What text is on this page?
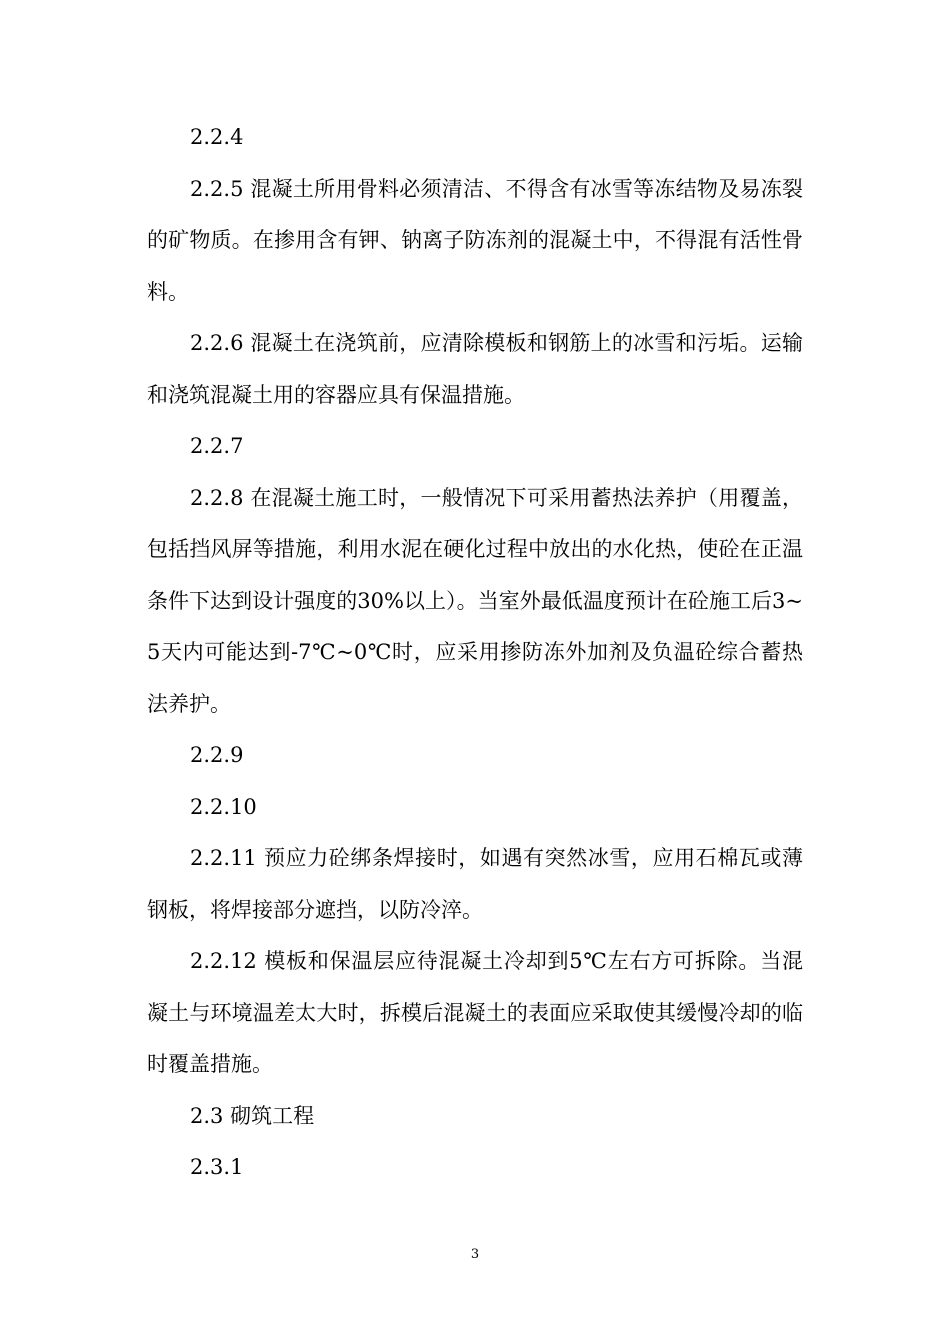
2.2.4

2.2.5 混凝土所用骨料必须清洁、不得含有冰雪等冻结物及易冻裂的矿物质。在掺用含有钾、钠离子防冻剂的混凝土中，不得混有活性骨料。

2.2.6 混凝土在浇筑前，应清除模板和钢筋上的冰雪和污垢。运输和浇筑混凝土用的容器应具有保温措施。

2.2.7

2.2.8 在混凝土施工时，一般情况下可采用蓄热法养护（用覆盖，包括挡风屏等措施，利用水泥在硬化过程中放出的水化热，使砼在正温条件下达到设计强度的30%以上）。当室外最低温度预计在砼施工后3~5天内可能达到-7℃~0℃时，应采用掺防冻外加剂及负温砼综合蓄热法养护。

2.2.9

2.2.10

2.2.11 预应力砼绑条焊接时，如遇有突然冰雪，应用石棉瓦或薄钢板，将焊接部分遮挡，以防冷淬。

2.2.12 模板和保温层应待混凝土冷却到5℃左右方可拆除。当混凝土与环境温差太大时，拆模后混凝土的表面应采取使其缓慢冷却的临时覆盖措施。

2.3 砌筑工程

2.3.1

3
